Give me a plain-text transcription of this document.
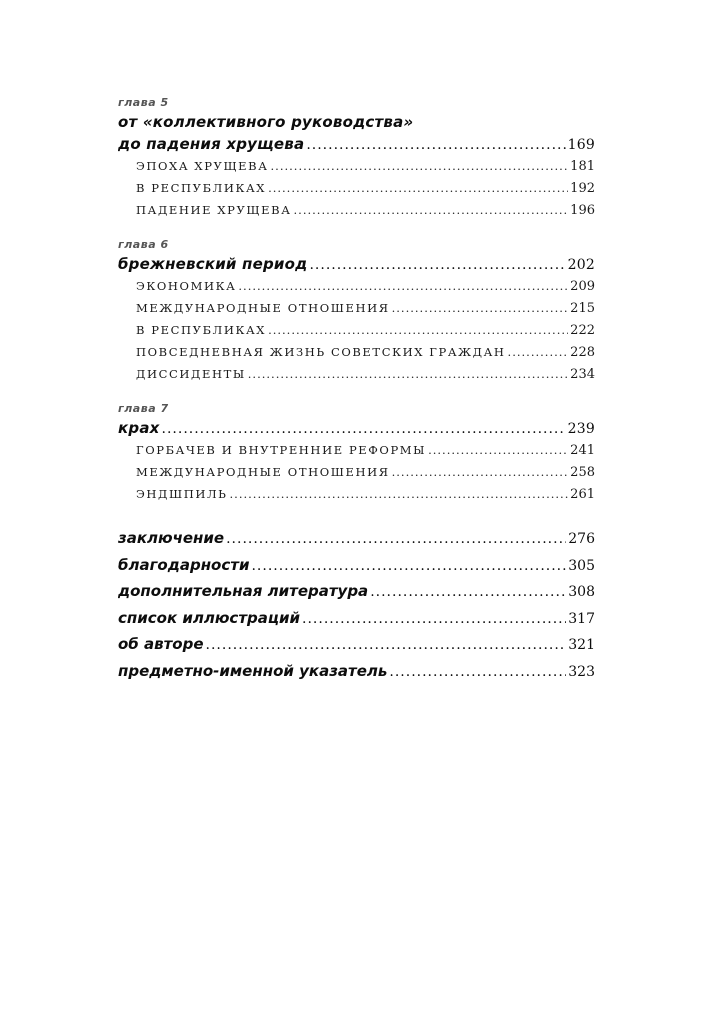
глава 5
от «коллективного руководства»
до падения хрущева .....	169
ЭПОХА ХРУЩЕВА .....	181
В РЕСПУБЛИКАХ .....	192
ПАДЕНИЕ ХРУЩЕВА .....	196
глава 6
брежневский период .....	202
ЭКОНОМИКА .....	209
МЕЖДУНАРОДНЫЕ ОТНОШЕНИЯ .....	215
В РЕСПУБЛИКАХ .....	222
ПОВСЕДНЕВНАЯ ЖИЗНЬ СОВЕТСКИХ ГРАЖДАН .....	228
ДИССИДЕНТЫ .....	234
глава 7
крах .....	239
ГОРБАЧЕВ И ВНУТРЕННИЕ РЕФОРМЫ .....	241
МЕЖДУНАРОДНЫЕ ОТНОШЕНИЯ .....	258
ЭНДШПИЛЬ .....	261
заключение .....	276
благодарности .....	305
дополнительная литература .....	308
список иллюстраций .....	317
об авторе .....	321
предметно-именной указатель .....	323
